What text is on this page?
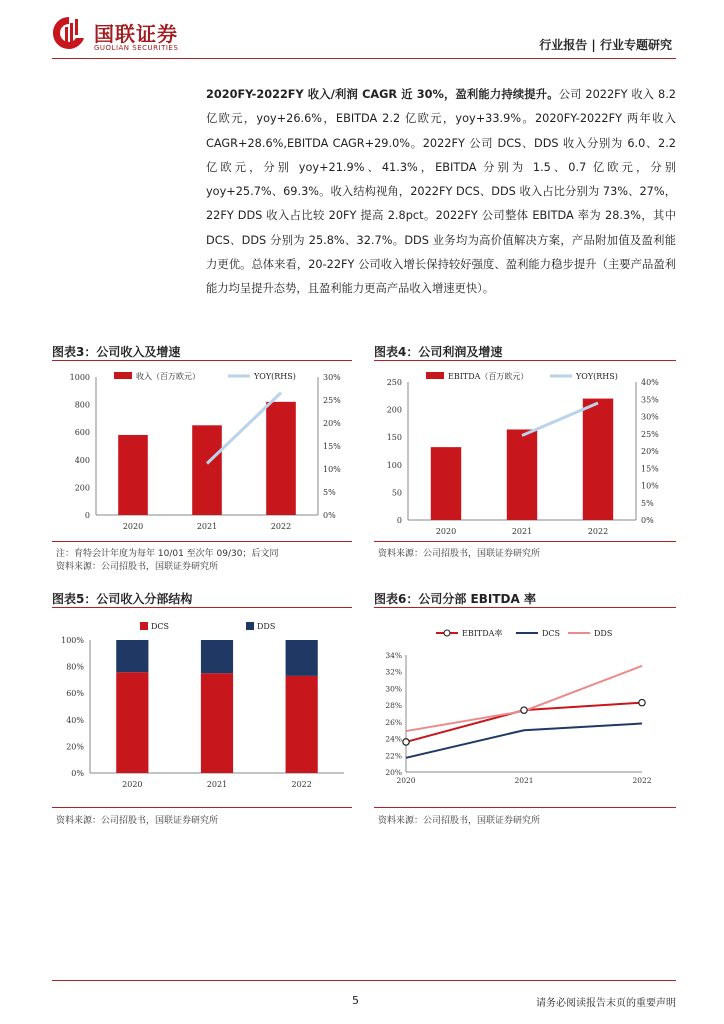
国联证券
GUOLIAN SECURITIES	行业报告 | 行业专题研究
2020FY-2022FY 收入/利润 CAGR 近 30%，盈利能力持续提升。公司 2022FY 收入 8.2 亿欧元，yoy+26.6%，EBITDA 2.2 亿欧元，yoy+33.9%。2020FY-2022FY 两年收入 CAGR+28.6%,EBITDA CAGR+29.0%。2022FY 公司 DCS、DDS 收入分别为 6.0、2.2 亿欧元，分别 yoy+21.9%、41.3%，EBITDA 分别为 1.5、0.7 亿欧元，分别 yoy+25.7%、69.3%。收入结构视角，2022FY DCS、DDS 收入占比分别为 73%、27%，22FY DDS 收入占比较 20FY 提高 2.8pct。2022FY 公司整体 EBITDA 率为 28.3%，其中 DCS、DDS 分别为 25.8%、32.7%。DDS 业务均为高价值解决方案，产品附加值及盈利能力更优。总体来看，20-22FY 公司收入增长保持较好强度、盈利能力稳步提升（主要产品盈利能力均呈提升态势，且盈利能力更高产品收入增速更快）。
图表3：公司收入及增速
0
200
400
600
800
1000
0%
5%
10%
15%
20%
25%
30%
2020	2021	2022
收入（百万欧元）	YOY(RHS)
注：育特会计年度为每年 10/01 至次年 09/30；后文同
资料来源：公司招股书，国联证券研究所
图表4：公司利润及增速
0
50
100
150
200
250
0%
5%
10%
15%
20%
25%
30%
35%
40%
2020	2021	2022
EBITDA（百万欧元）	YOY(RHS)
资料来源：公司招股书，国联证券研究所
图表5：公司收入分部结构
0%
20%
40%
60%
80%
100%
2020	2021	2022
DCS	DDS
资料来源：公司招股书，国联证券研究所
图表6：公司分部 EBITDA 率
20%
22%
24%
26%
28%
30%
32%
34%
2020	2021	2022
EBITDA率	DCS	DDS
资料来源：公司招股书，国联证券研究所
5	请务必阅读报告末页的重要声明
